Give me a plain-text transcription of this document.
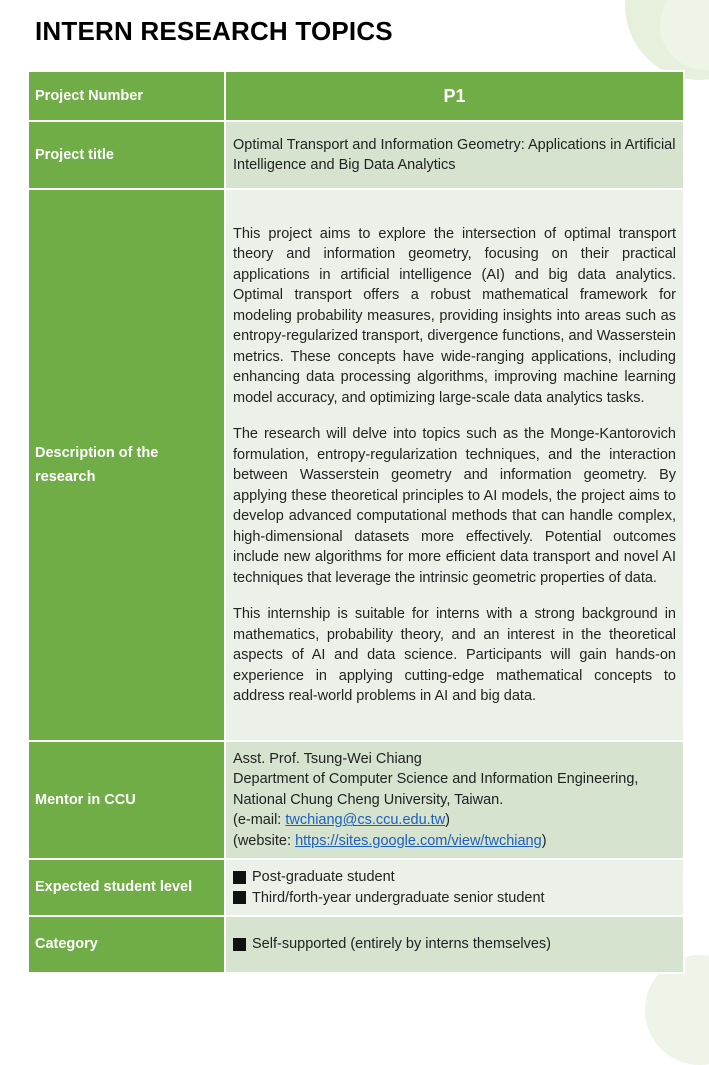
INTERN RESEARCH TOPICS
Project Number	P1
Project title	Optimal Transport and Information Geometry: Applications in Artificial Intelligence and Big Data Analytics
Description of the research	This project aims to explore the intersection of optimal transport theory and information geometry, focusing on their practical applications in artificial intelligence (AI) and big data analytics. Optimal transport offers a robust mathematical framework for modeling probability measures, providing insights into areas such as entropy-regularized transport, divergence functions, and Wasserstein metrics. These concepts have wide-ranging applications, including enhancing data processing algorithms, improving machine learning model accuracy, and optimizing large-scale data analytics tasks.

The research will delve into topics such as the Monge-Kantorovich formulation, entropy-regularization techniques, and the interaction between Wasserstein geometry and information geometry. By applying these theoretical principles to AI models, the project aims to develop advanced computational methods that can handle complex, high-dimensional datasets more effectively. Potential outcomes include new algorithms for more efficient data transport and novel AI techniques that leverage the intrinsic geometric properties of data.

This internship is suitable for interns with a strong background in mathematics, probability theory, and an interest in the theoretical aspects of AI and data science. Participants will gain hands-on experience in applying cutting-edge mathematical concepts to address real-world problems in AI and big data.

Mentor in CCU	Asst. Prof. Tsung-Wei Chiang
Department of Computer Science and Information Engineering,
National Chung Cheng University, Taiwan.
(e-mail: twchiang@cs.ccu.edu.tw)
(website: https://sites.google.com/view/twchiang)

Expected student level	Post-graduate student
Third/forth-year undergraduate senior student

Category	Self-supported (entirely by interns themselves)
